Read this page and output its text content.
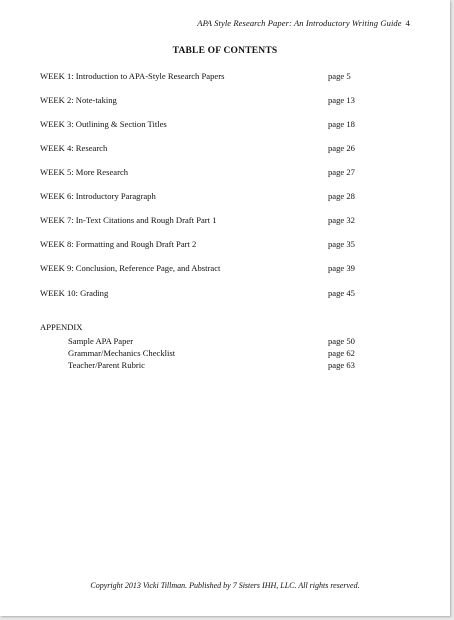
APA Style Research Paper: An Introductory Writing Guide 4
TABLE OF CONTENTS
WEEK 1: Introduction to APA-Style Research Papers	page 5
WEEK 2: Note-taking	page 13
WEEK 3: Outlining & Section Titles	page 18
WEEK 4: Research	page 26
WEEK 5: More Research	page 27
WEEK 6: Introductory Paragraph	page 28
WEEK 7: In-Text Citations and Rough Draft Part 1	page 32
WEEK 8: Formatting and Rough Draft Part 2	page 35
WEEK 9: Conclusion, Reference Page, and Abstract	page 39
WEEK 10: Grading	page 45
APPENDIX
Sample APA Paper	page 50
Grammar/Mechanics Checklist	page 62
Teacher/Parent Rubric	page 63
Copyright 2013 Vicki Tillman. Published by 7 Sisters IHH, LLC. All rights reserved.
